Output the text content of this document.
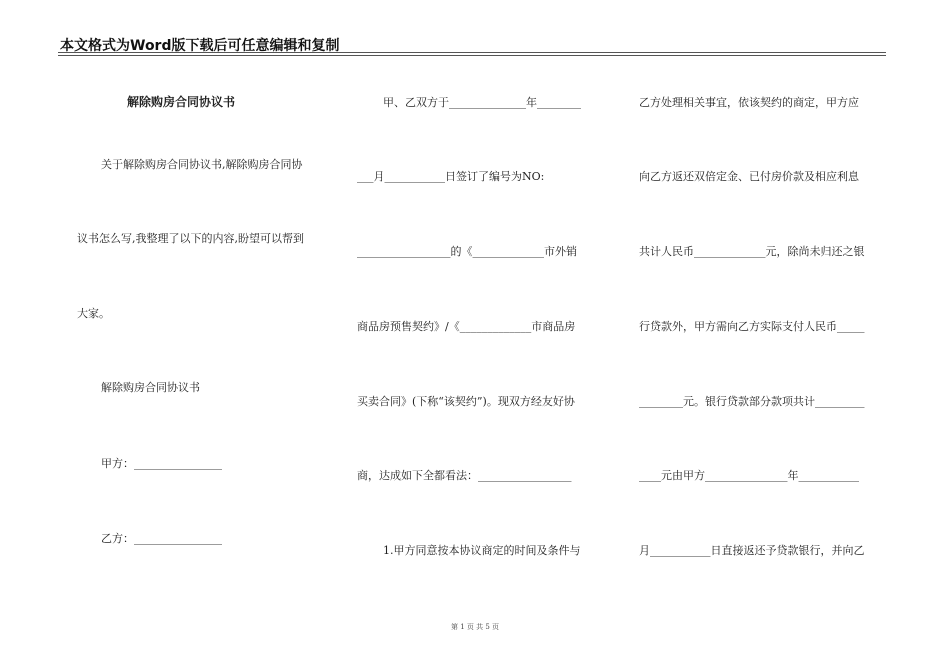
本文格式为Word版下载后可任意编辑和复制
解除购房合同协议书
关于解除购房合同协议书,解除购房合同协
议书怎么写,我整理了以下的内容,盼望可以帮到
大家。
解除购房合同协议书
甲方：________________
乙方：________________
甲、乙双方于______________年________
___月___________日签订了编号为NO:
_________________的《_____________市外销
商品房预售契约》/《_____________市商品房
买卖合同》(下称“该契约”)。现双方经友好协
商，达成如下全都看法：_________________
1.甲方同意按本协议商定的时间及条件与
乙方处理相关事宜，依该契约的商定，甲方应
向乙方返还双倍定金、已付房价款及相应利息
共计人民币_____________元，除尚未归还之银
行贷款外，甲方需向乙方实际支付人民币_____
________元。银行贷款部分款项共计_________
____元由甲方_______________年___________
月___________日直接返还予贷款银行，并向乙
第 1 页 共 5 页
